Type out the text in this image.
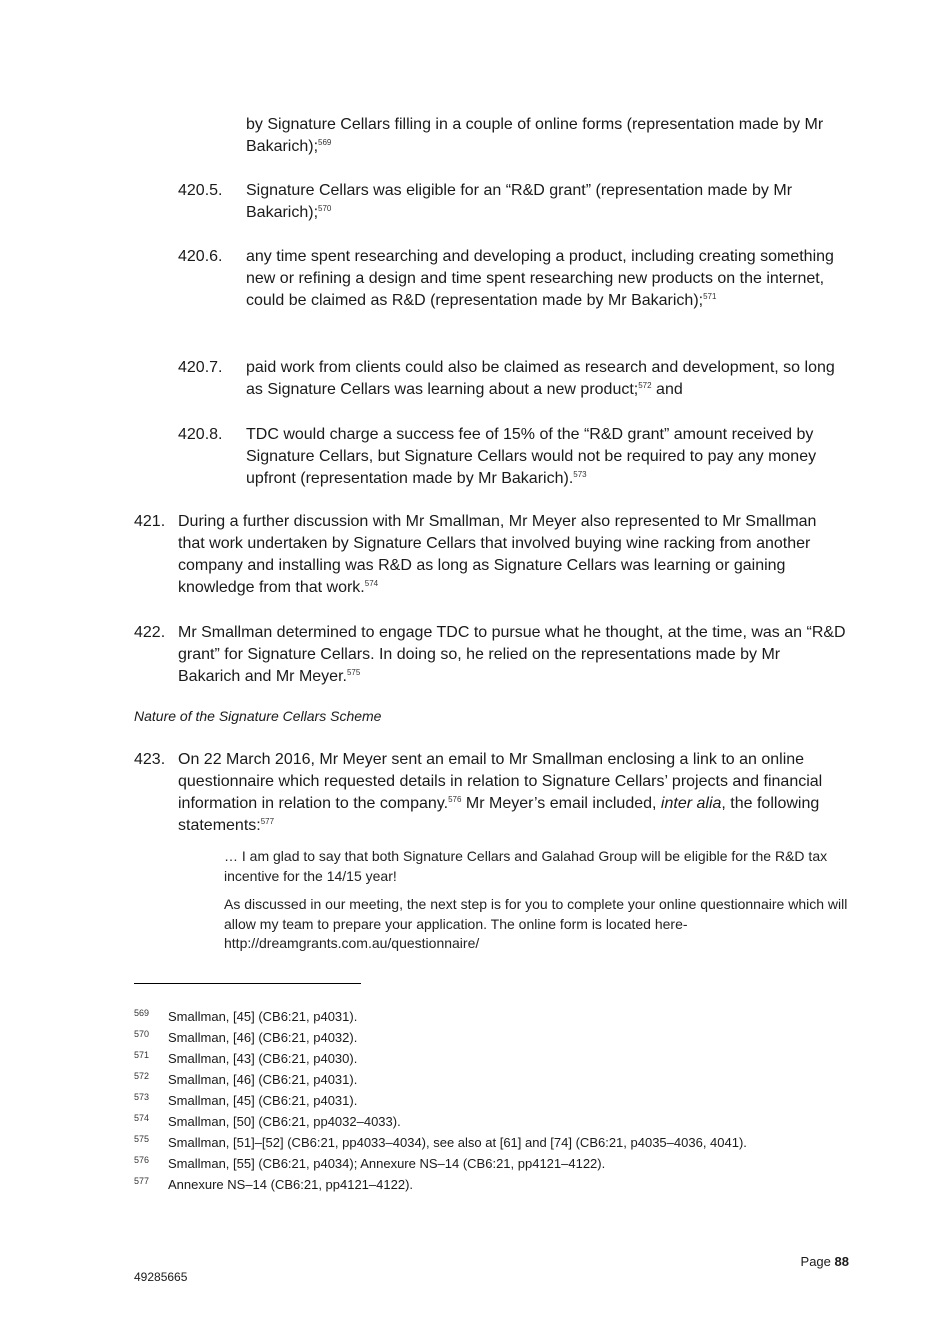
by Signature Cellars filling in a couple of online forms (representation made by Mr Bakarich);$^{569}$

420.5. Signature Cellars was eligible for an “R&D grant” (representation made by Mr Bakarich);$^{570}$

420.6. any time spent researching and developing a product, including creating something new or refining a design and time spent researching new products on the internet, could be claimed as R&D (representation made by Mr Bakarich);$^{571}$

420.7. paid work from clients could also be claimed as research and development, so long as Signature Cellars was learning about a new product;$^{572}$ and

420.8. TDC would charge a success fee of 15% of the “R&D grant” amount received by Signature Cellars, but Signature Cellars would not be required to pay any money upfront (representation made by Mr Bakarich).$^{573}$

421. During a further discussion with Mr Smallman, Mr Meyer also represented to Mr Smallman that work undertaken by Signature Cellars that involved buying wine racking from another company and installing was R&D as long as Signature Cellars was learning or gaining knowledge from that work.$^{574}$

422. Mr Smallman determined to engage TDC to pursue what he thought, at the time, was an “R&D grant” for Signature Cellars. In doing so, he relied on the representations made by Mr Bakarich and Mr Meyer.$^{575}$

Nature of the Signature Cellars Scheme
423. On 22 March 2016, Mr Meyer sent an email to Mr Smallman enclosing a link to an online questionnaire which requested details in relation to Signature Cellars’ projects and financial information in relation to the company.$^{576}$ Mr Meyer’s email included, inter alia, the following statements:$^{577}$

… I am glad to say that both Signature Cellars and Galahad Group will be eligible for the R&D tax incentive for the 14/15 year!

As discussed in our meeting, the next step is for you to complete your online questionnaire which will allow my team to prepare your application. The online form is located here- http://dreamgrants.com.au/questionnaire/

569 Smallman, [45] (CB6:21, p4031).
570 Smallman, [46] (CB6:21, p4032).
571 Smallman, [43] (CB6:21, p4030).
572 Smallman, [46] (CB6:21, p4031).
573 Smallman, [45] (CB6:21, p4031).
574 Smallman, [50] (CB6:21, pp4032–4033).
575 Smallman, [51]–[52] (CB6:21, pp4033–4034), see also at [61] and [74] (CB6:21, p4035–4036, 4041).
576 Smallman, [55] (CB6:21, p4034); Annexure NS–14 (CB6:21, pp4121–4122).
577 Annexure NS–14 (CB6:21, pp4121–4122).
Page 88
49285665
